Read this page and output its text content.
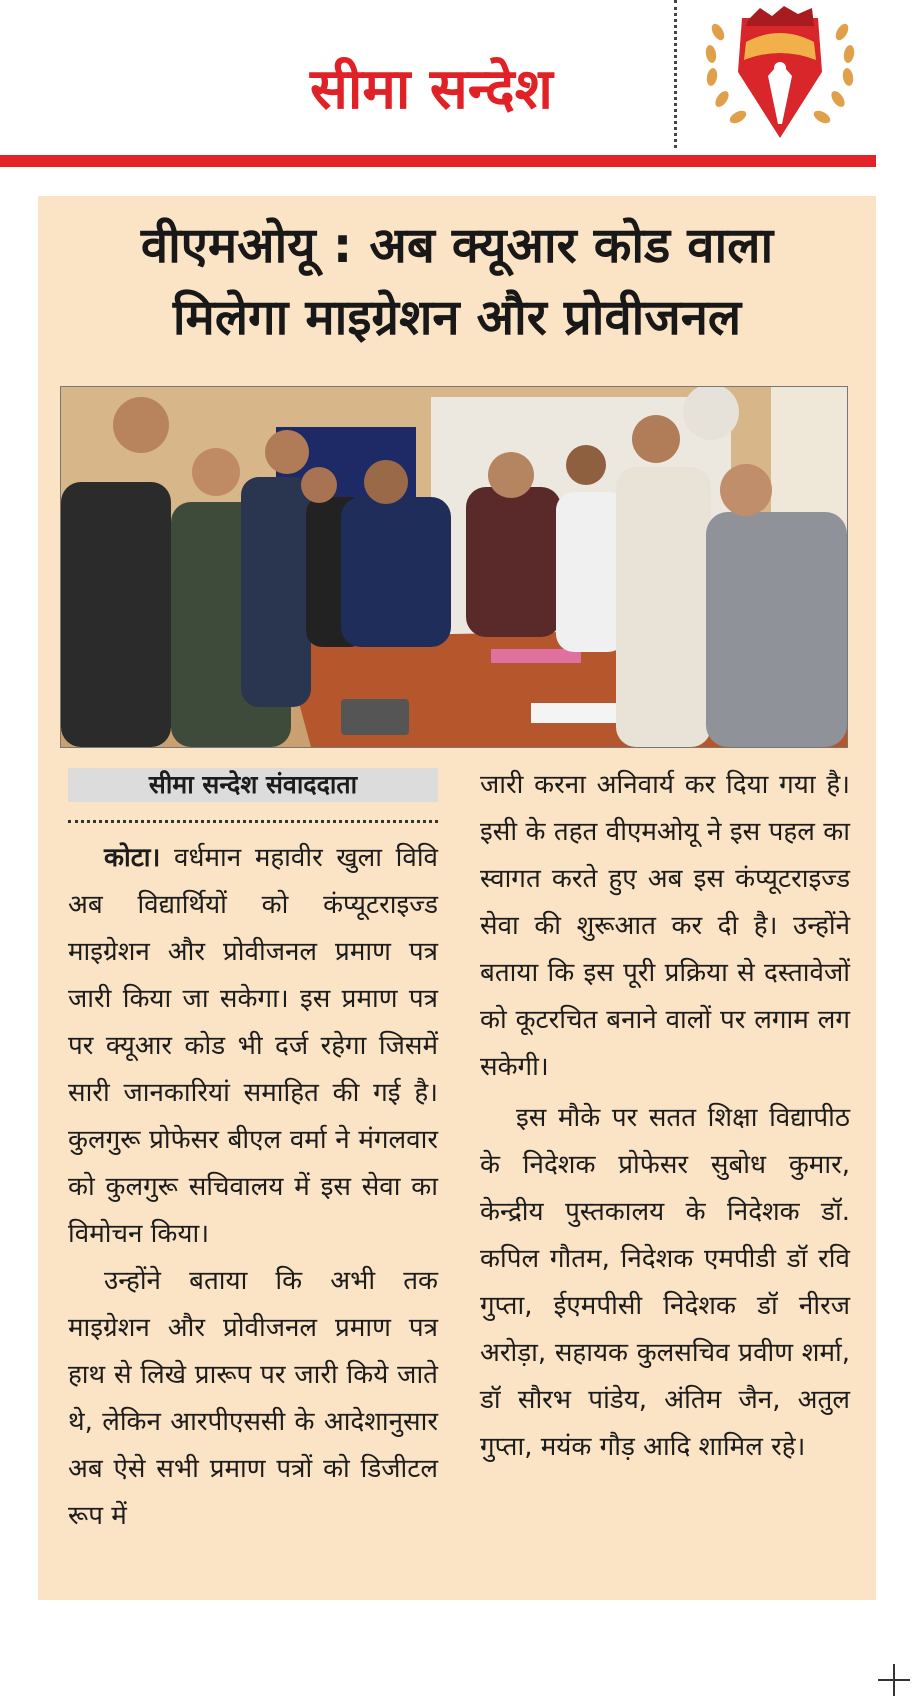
सीमा सन्देश
वीएमओयू : अब क्यूआर कोड वाला
मिलेगा माइग्रेशन और प्रोवीजनल
सीमा सन्देश संवाददाता

कोटा। वर्धमान महावीर खुला विवि अब विद्यार्थियों को कंप्यूटराइज्ड माइग्रेशन और प्रोवीजनल प्रमाण पत्र जारी किया जा सकेगा। इस प्रमाण पत्र पर क्यूआर कोड भी दर्ज रहेगा जिसमें सारी जानकारियां समाहित की गई है। कुलगुरू प्रोफेसर बीएल वर्मा ने मंगलवार को कुलगुरू सचिवालय में इस सेवा का विमोचन किया।

उन्होंने बताया कि अभी तक माइग्रेशन और प्रोवीजनल प्रमाण पत्र हाथ से लिखे प्रारूप पर जारी किये जाते थे, लेकिन आरपीएससी के आदेशानुसार अब ऐसे सभी प्रमाण पत्रों को डिजीटल रूप में

जारी करना अनिवार्य कर दिया गया है। इसी के तहत वीएमओयू ने इस पहल का स्वागत करते हुए अब इस कंप्यूटराइज्ड सेवा की शुरूआत कर दी है। उन्होंने बताया कि इस पूरी प्रक्रिया से दस्तावेजों को कूटरचित बनाने वालों पर लगाम लग सकेगी।

इस मौके पर सतत शिक्षा विद्यापीठ के निदेशक प्रोफेसर सुबोध कुमार, केन्द्रीय पुस्तकालय के निदेशक डॉ. कपिल गौतम, निदेशक एमपीडी डॉ रवि गुप्ता, ईएमपीसी निदेशक डॉ नीरज अरोड़ा, सहायक कुलसचिव प्रवीण शर्मा, डॉ सौरभ पांडेय, अंतिम जैन, अतुल गुप्ता, मयंक गौड़ आदि शामिल रहे।
